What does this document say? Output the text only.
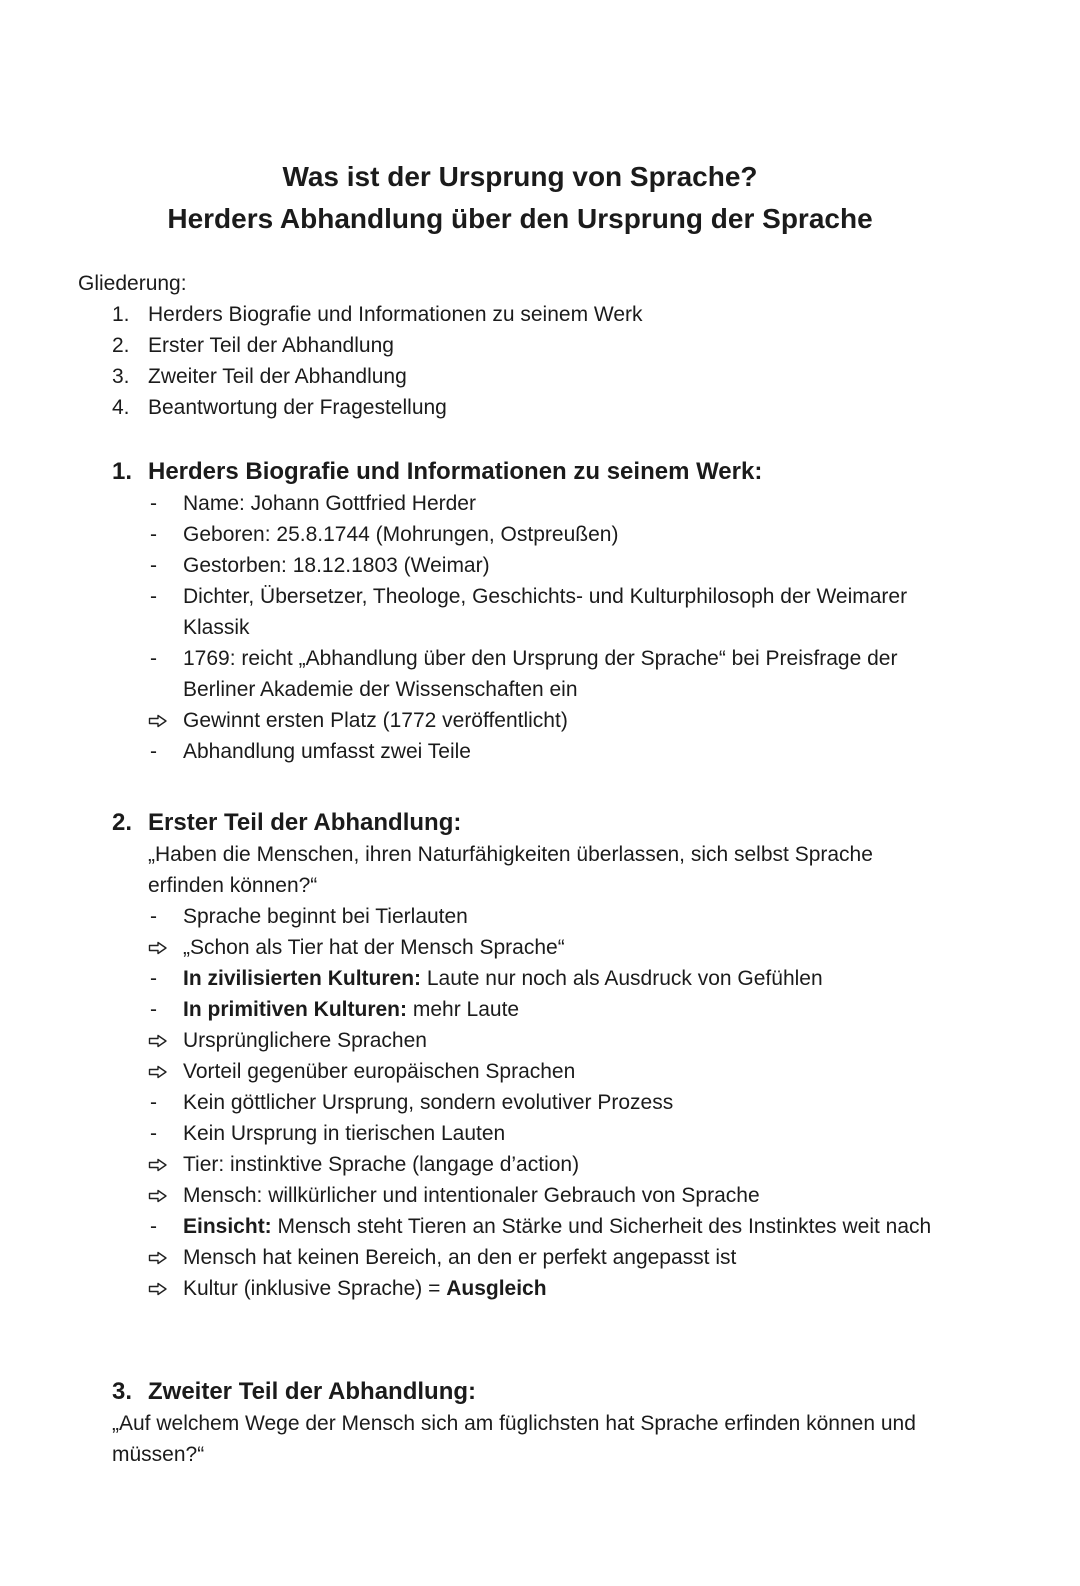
Was ist der Ursprung von Sprache?
Herders Abhandlung über den Ursprung der Sprache
Gliederung:
1. Herders Biografie und Informationen zu seinem Werk
2. Erster Teil der Abhandlung
3. Zweiter Teil der Abhandlung
4. Beantwortung der Fragestellung
1. Herders Biografie und Informationen zu seinem Werk:
-	Name: Johann Gottfried Herder
-	Geboren: 25.8.1744 (Mohrungen, Ostpreußen)
-	Gestorben: 18.12.1803 (Weimar)
-	Dichter, Übersetzer, Theologe, Geschichts- und Kulturphilosoph der Weimarer Klassik
-	1769: reicht „Abhandlung über den Ursprung der Sprache“ bei Preisfrage der Berliner Akademie der Wissenschaften ein
Gewinnt ersten Platz (1772 veröffentlicht)
-	Abhandlung umfasst zwei Teile
2. Erster Teil der Abhandlung:
„Haben die Menschen, ihren Naturfähigkeiten überlassen, sich selbst Sprache erfinden können?“
-	Sprache beginnt bei Tierlauten
„Schon als Tier hat der Mensch Sprache“
-	In zivilisierten Kulturen: Laute nur noch als Ausdruck von Gefühlen
-	In primitiven Kulturen: mehr Laute
Ursprünglichere Sprachen
Vorteil gegenüber europäischen Sprachen
-	Kein göttlicher Ursprung, sondern evolutiver Prozess
-	Kein Ursprung in tierischen Lauten
Tier: instinktive Sprache (langage d’action)
Mensch: willkürlicher und intentionaler Gebrauch von Sprache
-	Einsicht: Mensch steht Tieren an Stärke und Sicherheit des Instinktes weit nach
Mensch hat keinen Bereich, an den er perfekt angepasst ist
Kultur (inklusive Sprache) = Ausgleich
3. Zweiter Teil der Abhandlung:
„Auf welchem Wege der Mensch sich am füglichsten hat Sprache erfinden können und müssen?“
